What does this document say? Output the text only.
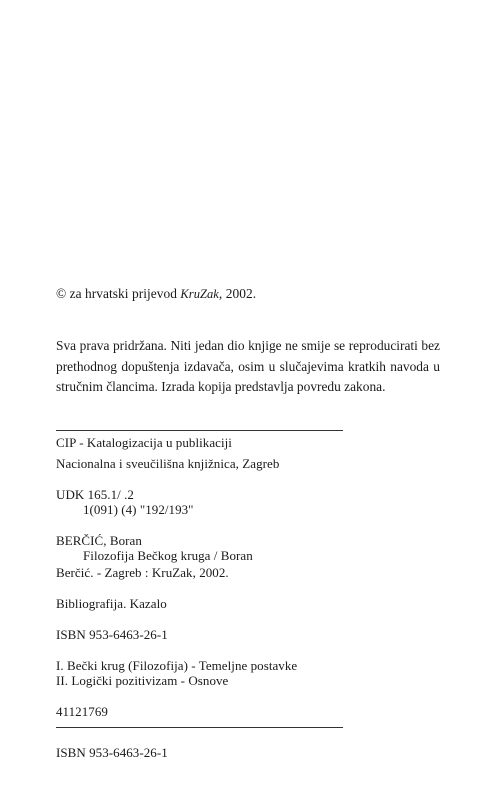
© za hrvatski prijevod KruZak, 2002.
Sva prava pridržana. Niti jedan dio knjige ne smije se reproducirati bez prethodnog dopuštenja izdavača, osim u slučajevima kratkih navoda u stručnim člancima. Izrada kopija predstavlja povredu zakona.
CIP - Katalogizacija u publikaciji
Nacionalna i sveučilišna knjižnica, Zagreb
UDK 165.1/ .2
1(091) (4) "192/193"
BERČIĆ, Boran
Filozofija Bečkog kruga / Boran
Berčić. - Zagreb : KruZak, 2002.
Bibliografija. Kazalo
ISBN 953-6463-26-1
I. Bečki krug (Filozofija) - Temeljne postavke
II. Logički pozitivizam - Osnove
41121769
ISBN 953-6463-26-1
